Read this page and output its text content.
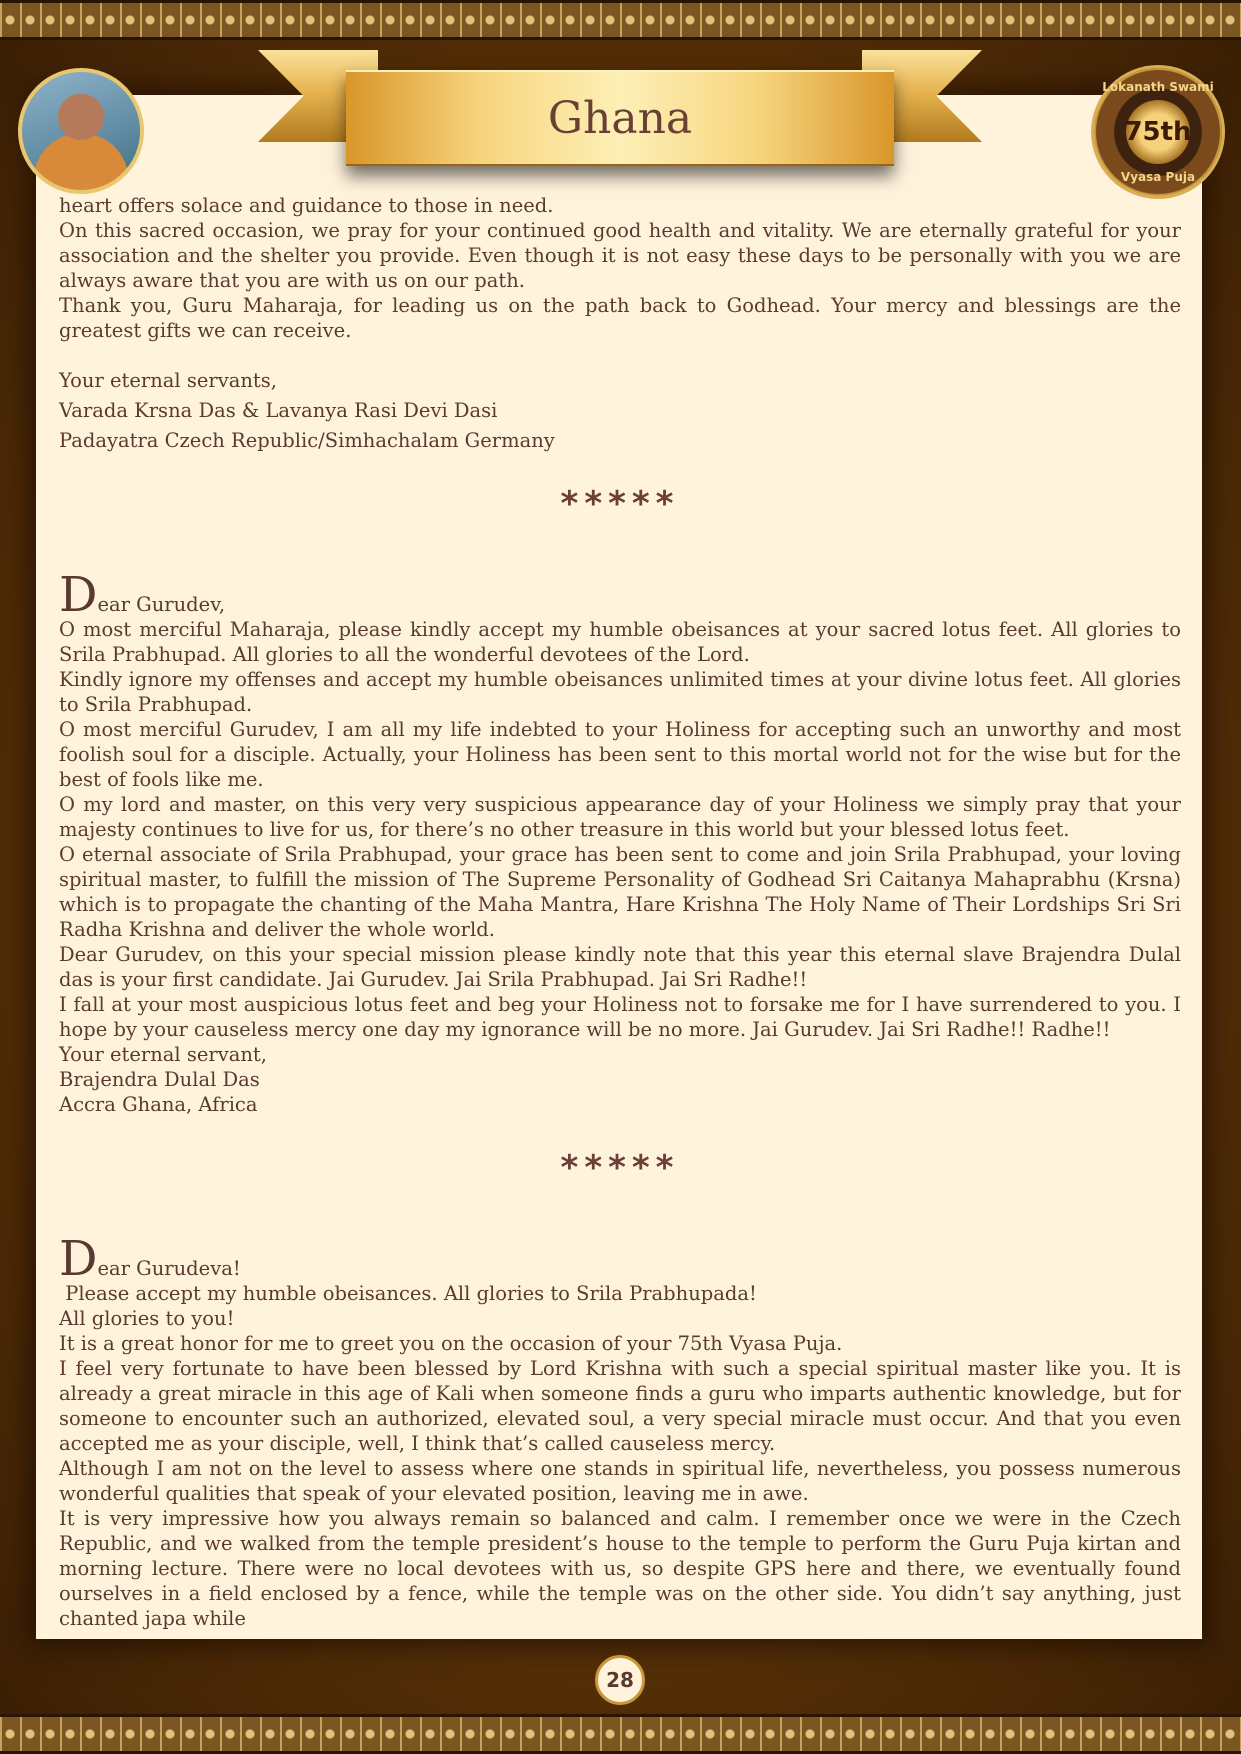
Ghana
Lokanath Swami
75th
Vyasa Puja

heart offers solace and guidance to those in need.

On this sacred occasion, we pray for your continued good health and vitality. We are eternally grateful for your association and the shelter you provide. Even though it is not easy these days to be personally with you we are always aware that you are with us on our path.

Thank you, Guru Maharaja, for leading us on the path back to Godhead. Your mercy and blessings are the greatest gifts we can receive.

Your eternal servants,

Varada Krsna Das & Lavanya Rasi Devi Dasi

Padayatra Czech Republic/Simhachalam Germany

*****

Dear Gurudev,

O most merciful Maharaja, please kindly accept my humble obeisances at your sacred lotus feet. All glories to Srila Prabhupad. All glories to all the wonderful devotees of the Lord.

Kindly ignore my offenses and accept my humble obeisances unlimited times at your divine lotus feet. All glories to Srila Prabhupad.

O most merciful Gurudev, I am all my life indebted to your Holiness for accepting such an unworthy and most foolish soul for a disciple. Actually, your Holiness has been sent to this mortal world not for the wise but for the best of fools like me.

O my lord and master, on this very very suspicious appearance day of your Holiness we simply pray that your majesty continues to live for us, for there’s no other treasure in this world but your blessed lotus feet.

O eternal associate of Srila Prabhupad, your grace has been sent to come and join Srila Prabhupad, your loving spiritual master, to fulfill the mission of The Supreme Personality of Godhead Sri Caitanya Mahaprabhu (Krsna) which is to propagate the chanting of the Maha Mantra, Hare Krishna The Holy Name of Their Lordships Sri Sri Radha Krishna and deliver the whole world.

Dear Gurudev, on this your special mission please kindly note that this year this eternal slave Brajendra Dulal das is your first candidate. Jai Gurudev. Jai Srila Prabhupad. Jai Sri Radhe!!

I fall at your most auspicious lotus feet and beg your Holiness not to forsake me for I have surrendered to you. I hope by your causeless mercy one day my ignorance will be no more. Jai Gurudev. Jai Sri Radhe!! Radhe!!

Your eternal servant,

Brajendra Dulal Das

Accra Ghana, Africa

*****

Dear Gurudeva!

Please accept my humble obeisances. All glories to Srila Prabhupada!

All glories to you!

It is a great honor for me to greet you on the occasion of your 75th Vyasa Puja.

I feel very fortunate to have been blessed by Lord Krishna with such a special spiritual master like you. It is already a great miracle in this age of Kali when someone finds a guru who imparts authentic knowledge, but for someone to encounter such an authorized, elevated soul, a very special miracle must occur. And that you even accepted me as your disciple, well, I think that’s called causeless mercy.

Although I am not on the level to assess where one stands in spiritual life, nevertheless, you possess numerous wonderful qualities that speak of your elevated position, leaving me in awe.

It is very impressive how you always remain so balanced and calm. I remember once we were in the Czech Republic, and we walked from the temple president’s house to the temple to perform the Guru Puja kirtan and morning lecture. There were no local devotees with us, so despite GPS here and there, we eventually found ourselves in a field enclosed by a fence, while the temple was on the other side. You didn’t say anything, just chanted japa while

28
